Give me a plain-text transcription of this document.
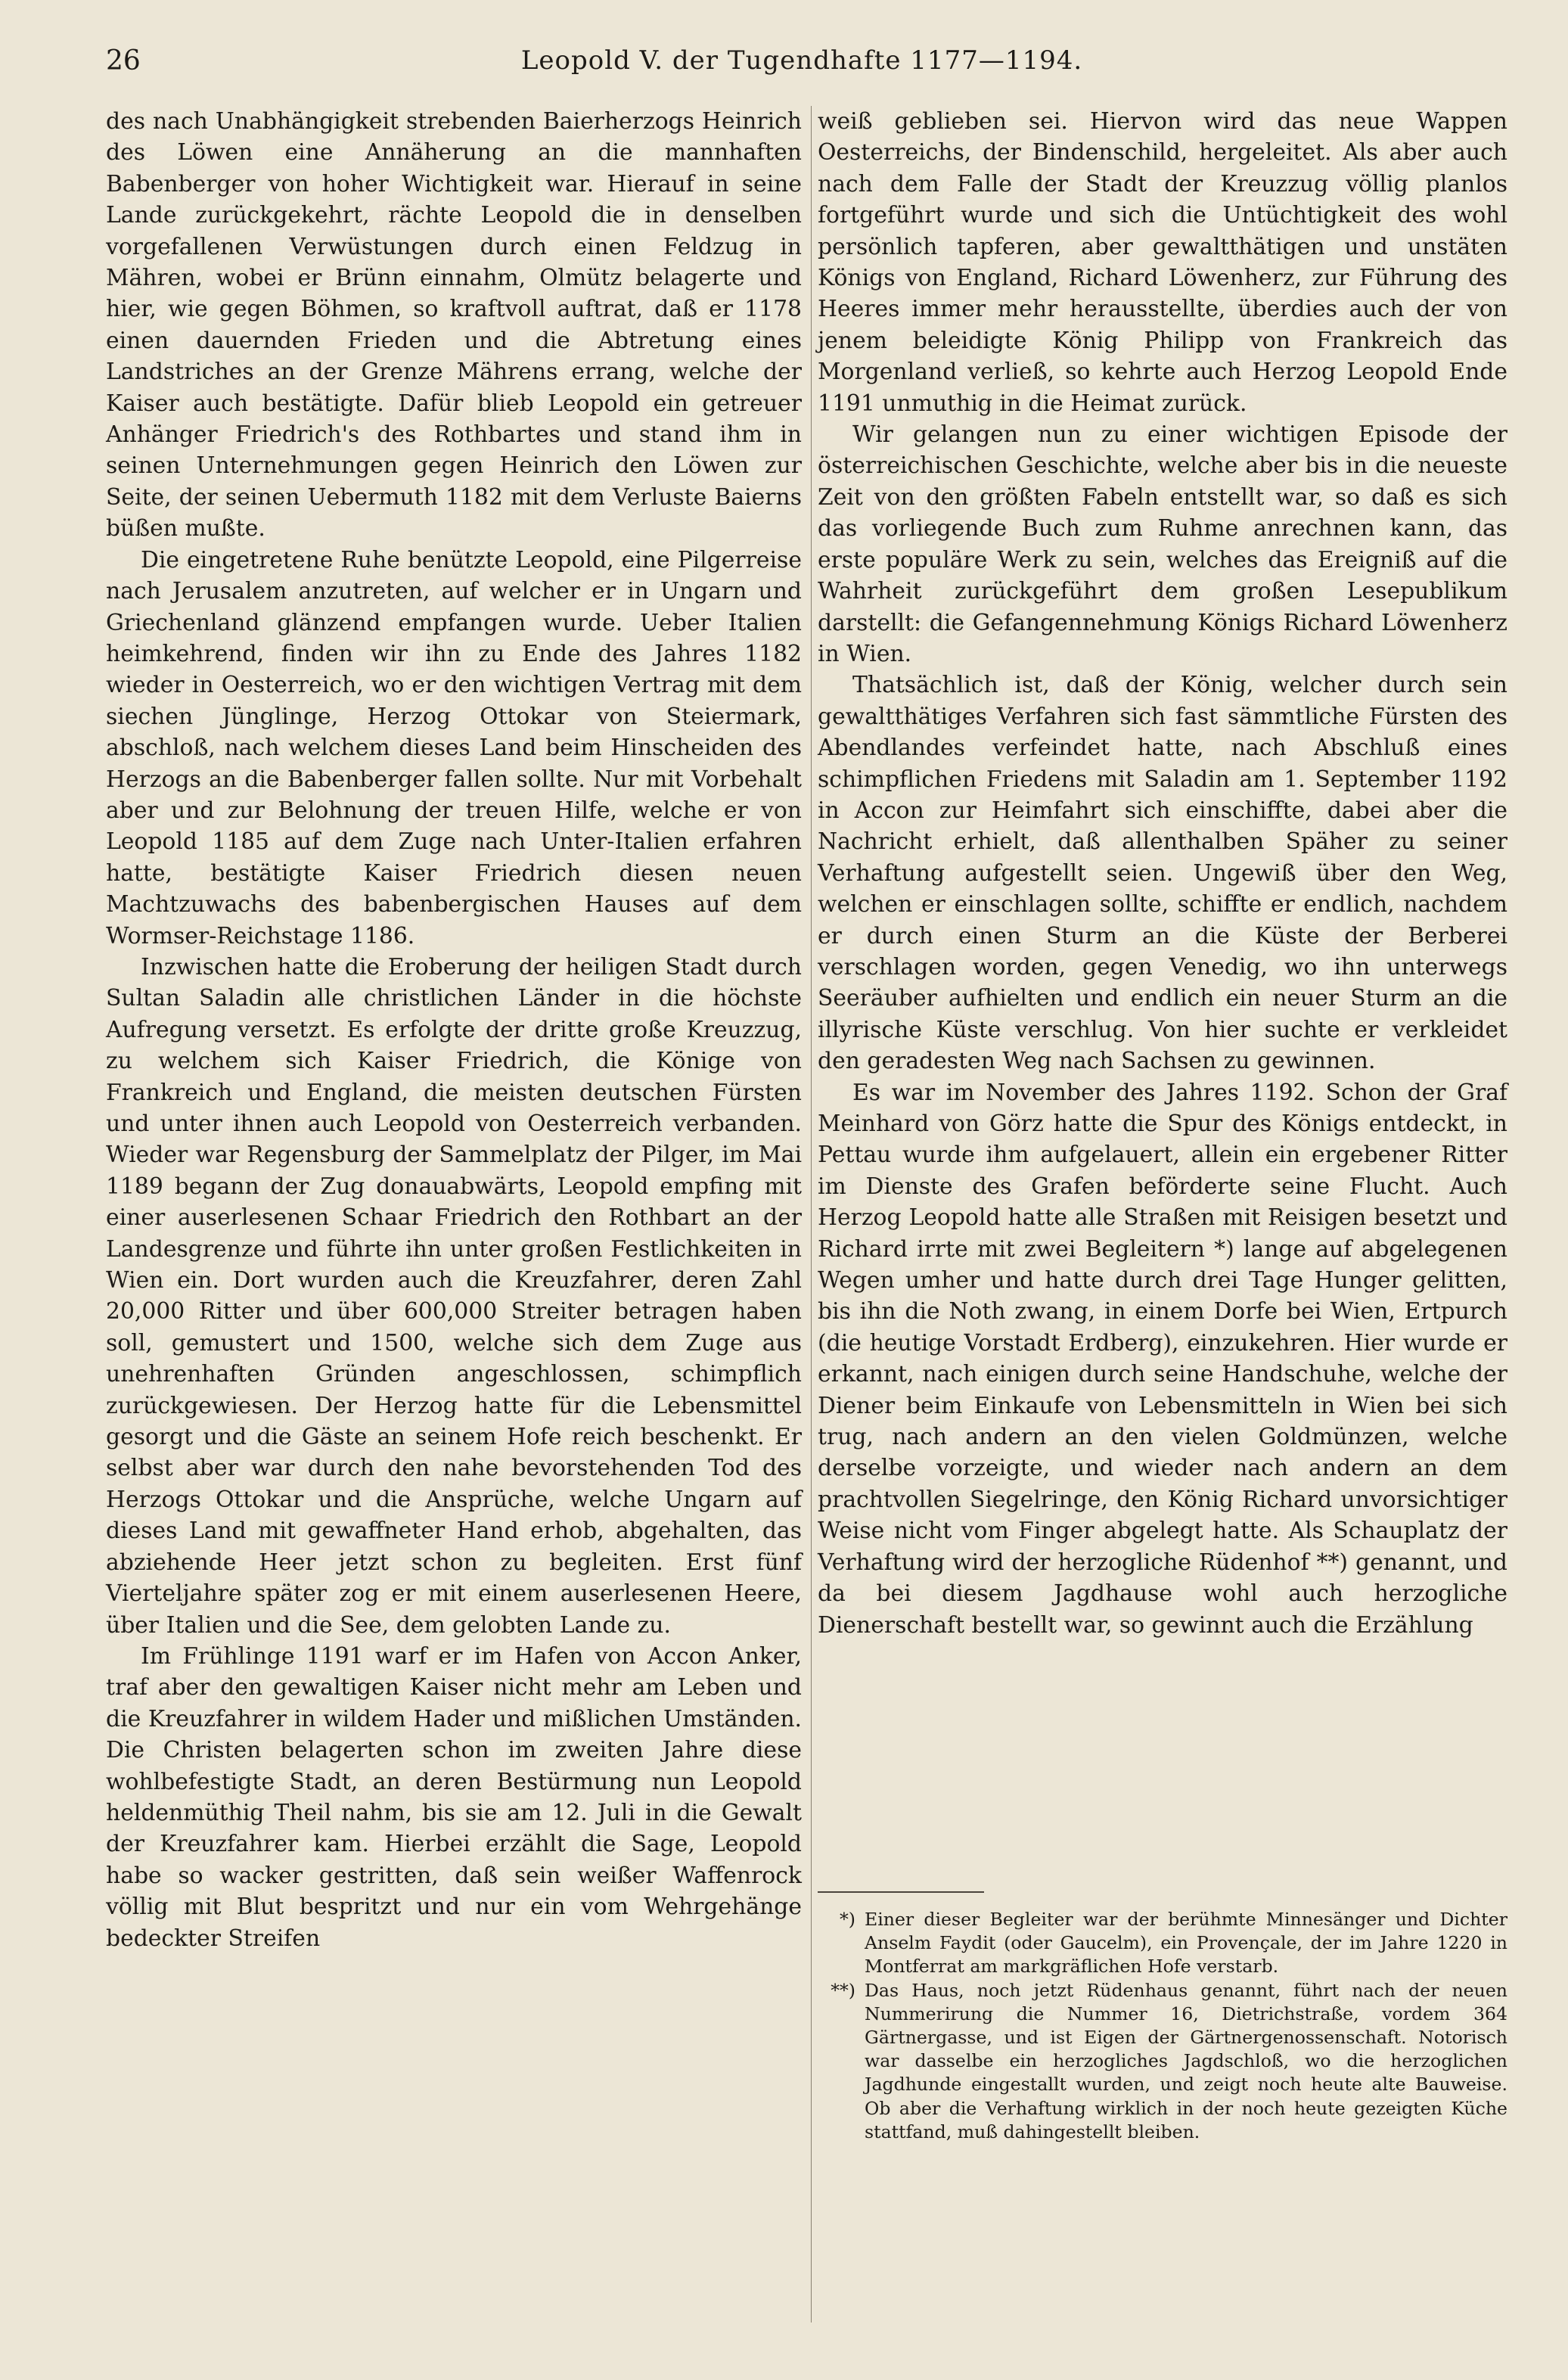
26	Leopold V. der Tugendhafte 1177—1194.

des nach Unabhängigkeit strebenden Baierherzogs Heinrich des Löwen eine Annäherung an die mannhaften Babenberger von hoher Wichtigkeit war. Hierauf in seine Lande zurückgekehrt, rächte Leopold die in denselben vorgefallenen Verwüstungen durch einen Feldzug in Mähren, wobei er Brünn einnahm, Olmütz belagerte und hier, wie gegen Böhmen, so kraftvoll auftrat, daß er 1178 einen dauernden Frieden und die Abtretung eines Landstriches an der Grenze Mährens errang, welche der Kaiser auch bestätigte. Dafür blieb Leopold ein getreuer Anhänger Friedrich's des Rothbartes und stand ihm in seinen Unternehmungen gegen Heinrich den Löwen zur Seite, der seinen Uebermuth 1182 mit dem Verluste Baierns büßen mußte.

Die eingetretene Ruhe benützte Leopold, eine Pilgerreise nach Jerusalem anzutreten, auf welcher er in Ungarn und Griechenland glänzend empfangen wurde. Ueber Italien heimkehrend, finden wir ihn zu Ende des Jahres 1182 wieder in Oesterreich, wo er den wichtigen Vertrag mit dem siechen Jünglinge, Herzog Ottokar von Steiermark, abschloß, nach welchem dieses Land beim Hinscheiden des Herzogs an die Babenberger fallen sollte. Nur mit Vorbehalt aber und zur Belohnung der treuen Hilfe, welche er von Leopold 1185 auf dem Zuge nach Unter-Italien erfahren hatte, bestätigte Kaiser Friedrich diesen neuen Machtzuwachs des babenbergischen Hauses auf dem Wormser-Reichstage 1186.

Inzwischen hatte die Eroberung der heiligen Stadt durch Sultan Saladin alle christlichen Länder in die höchste Aufregung versetzt. Es erfolgte der dritte große Kreuzzug, zu welchem sich Kaiser Friedrich, die Könige von Frankreich und England, die meisten deutschen Fürsten und unter ihnen auch Leopold von Oesterreich verbanden. Wieder war Regensburg der Sammelplatz der Pilger, im Mai 1189 begann der Zug donauabwärts, Leopold empfing mit einer auserlesenen Schaar Friedrich den Rothbart an der Landesgrenze und führte ihn unter großen Festlichkeiten in Wien ein. Dort wurden auch die Kreuzfahrer, deren Zahl 20,000 Ritter und über 600,000 Streiter betragen haben soll, gemustert und 1500, welche sich dem Zuge aus unehrenhaften Gründen angeschlossen, schimpflich zurückgewiesen. Der Herzog hatte für die Lebensmittel gesorgt und die Gäste an seinem Hofe reich beschenkt. Er selbst aber war durch den nahe bevorstehenden Tod des Herzogs Ottokar und die Ansprüche, welche Ungarn auf dieses Land mit gewaffneter Hand erhob, abgehalten, das abziehende Heer jetzt schon zu begleiten. Erst fünf Vierteljahre später zog er mit einem auserlesenen Heere, über Italien und die See, dem gelobten Lande zu.

Im Frühlinge 1191 warf er im Hafen von Accon Anker, traf aber den gewaltigen Kaiser nicht mehr am Leben und die Kreuzfahrer in wildem Hader und mißlichen Umständen. Die Christen belagerten schon im zweiten Jahre diese wohlbefestigte Stadt, an deren Bestürmung nun Leopold heldenmüthig Theil nahm, bis sie am 12. Juli in die Gewalt der Kreuzfahrer kam. Hierbei erzählt die Sage, Leopold habe so wacker gestritten, daß sein weißer Waffenrock völlig mit Blut bespritzt und nur ein vom Wehrgehänge bedeckter Streifen

weiß geblieben sei. Hiervon wird das neue Wappen Oesterreichs, der Bindenschild, hergeleitet. Als aber auch nach dem Falle der Stadt der Kreuzzug völlig planlos fortgeführt wurde und sich die Untüchtigkeit des wohl persönlich tapferen, aber gewaltthätigen und unstäten Königs von England, Richard Löwenherz, zur Führung des Heeres immer mehr herausstellte, überdies auch der von jenem beleidigte König Philipp von Frankreich das Morgenland verließ, so kehrte auch Herzog Leopold Ende 1191 unmuthig in die Heimat zurück.

Wir gelangen nun zu einer wichtigen Episode der österreichischen Geschichte, welche aber bis in die neueste Zeit von den größten Fabeln entstellt war, so daß es sich das vorliegende Buch zum Ruhme anrechnen kann, das erste populäre Werk zu sein, welches das Ereigniß auf die Wahrheit zurückgeführt dem großen Lesepublikum darstellt: die Gefangennehmung Königs Richard Löwenherz in Wien.

Thatsächlich ist, daß der König, welcher durch sein gewaltthätiges Verfahren sich fast sämmtliche Fürsten des Abendlandes verfeindet hatte, nach Abschluß eines schimpflichen Friedens mit Saladin am 1. September 1192 in Accon zur Heimfahrt sich einschiffte, dabei aber die Nachricht erhielt, daß allenthalben Späher zu seiner Verhaftung aufgestellt seien. Ungewiß über den Weg, welchen er einschlagen sollte, schiffte er endlich, nachdem er durch einen Sturm an die Küste der Berberei verschlagen worden, gegen Venedig, wo ihn unterwegs Seeräuber aufhielten und endlich ein neuer Sturm an die illyrische Küste verschlug. Von hier suchte er verkleidet den geradesten Weg nach Sachsen zu gewinnen.

Es war im November des Jahres 1192. Schon der Graf Meinhard von Görz hatte die Spur des Königs entdeckt, in Pettau wurde ihm aufgelauert, allein ein ergebener Ritter im Dienste des Grafen beförderte seine Flucht. Auch Herzog Leopold hatte alle Straßen mit Reisigen besetzt und Richard irrte mit zwei Begleitern *) lange auf abgelegenen Wegen umher und hatte durch drei Tage Hunger gelitten, bis ihn die Noth zwang, in einem Dorfe bei Wien, Ertpurch (die heutige Vorstadt Erdberg), einzukehren. Hier wurde er erkannt, nach einigen durch seine Handschuhe, welche der Diener beim Einkaufe von Lebensmitteln in Wien bei sich trug, nach andern an den vielen Goldmünzen, welche derselbe vorzeigte, und wieder nach andern an dem prachtvollen Siegelringe, den König Richard unvorsichtiger Weise nicht vom Finger abgelegt hatte. Als Schauplatz der Verhaftung wird der herzogliche Rüdenhof **) genannt, und da bei diesem Jagdhause wohl auch herzogliche Dienerschaft bestellt war, so gewinnt auch die Erzählung

*) Einer dieser Begleiter war der berühmte Minnesänger und Dichter Anselm Faydit (oder Gaucelm), ein Provençale, der im Jahre 1220 in Montferrat am markgräflichen Hofe verstarb.
**) Das Haus, noch jetzt Rüdenhaus genannt, führt nach der neuen Nummerirung die Nummer 16, Dietrichstraße, vordem 364 Gärtnergasse, und ist Eigen der Gärtnergenossenschaft. Notorisch war dasselbe ein herzogliches Jagdschloß, wo die herzoglichen Jagdhunde eingestallt wurden, und zeigt noch heute alte Bauweise. Ob aber die Verhaftung wirklich in der noch heute gezeigten Küche stattfand, muß dahingestellt bleiben.
